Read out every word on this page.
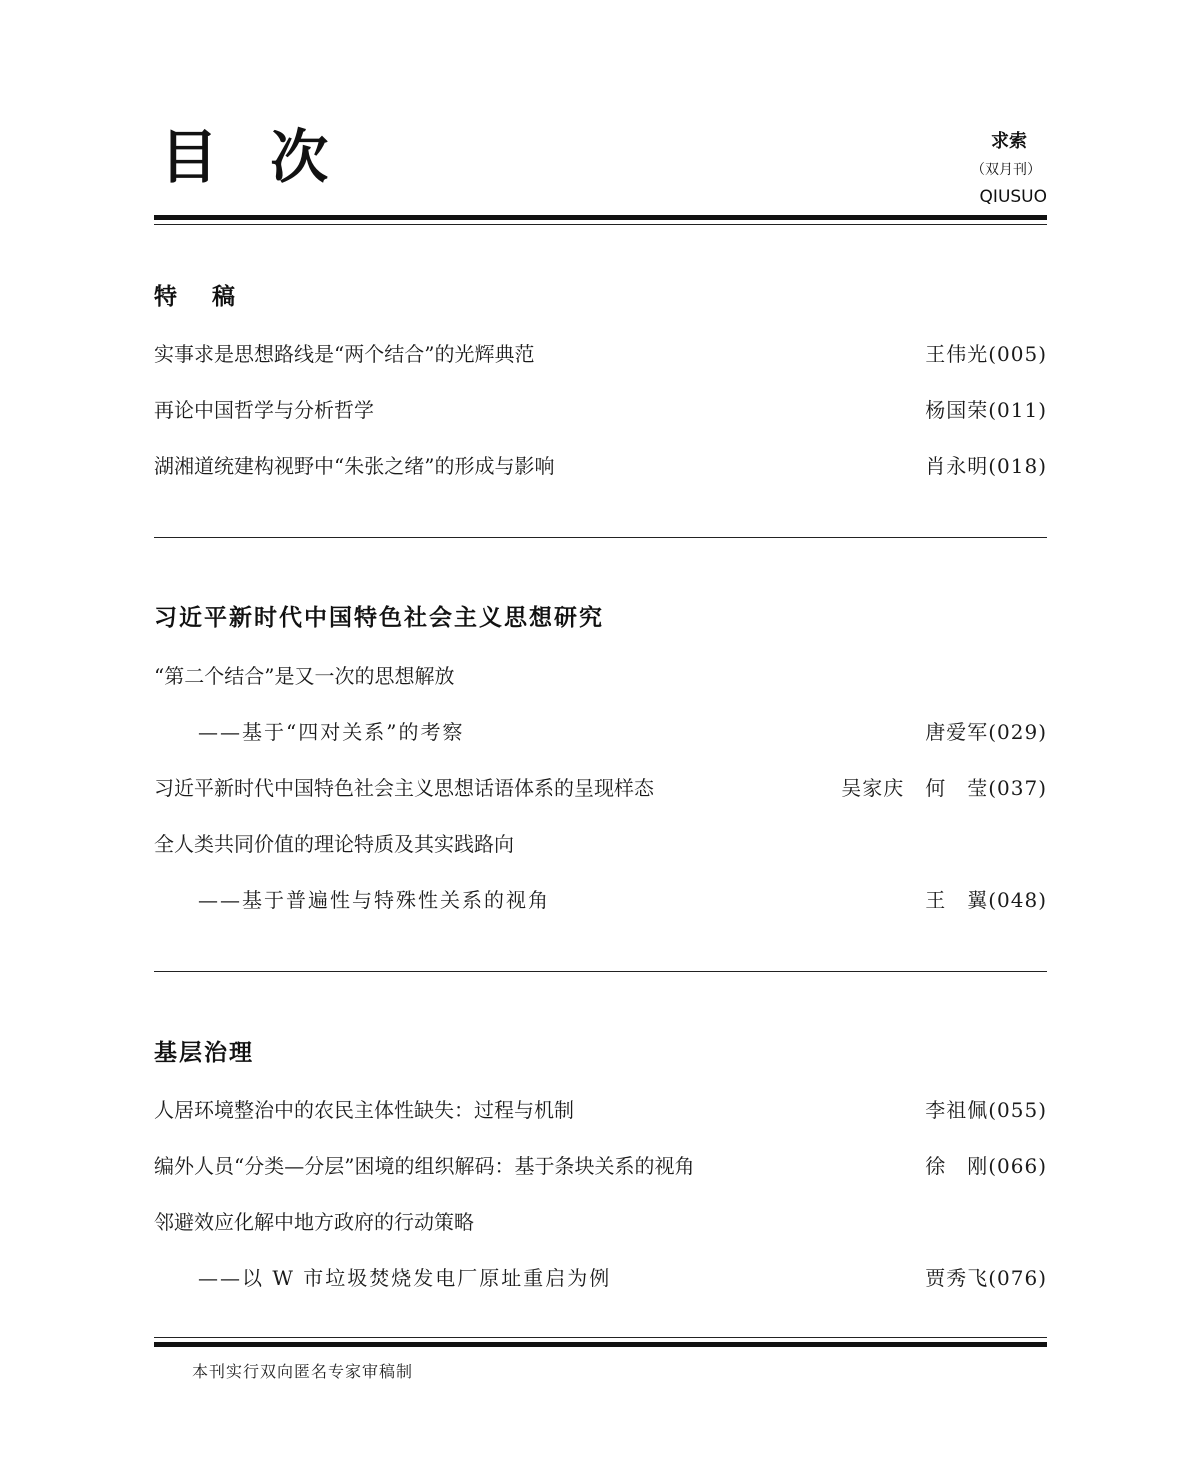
目 次	求索
（双月刊）
QIUSUO
特　稿
实事求是思想路线是“两个结合”的光辉典范	王伟光(005)
再论中国哲学与分析哲学	杨国荣(011)
湖湘道统建构视野中“朱张之绪”的形成与影响	肖永明(018)
习近平新时代中国特色社会主义思想研究
“第二个结合”是又一次的思想解放
——基于“四对关系”的考察	唐爱军(029)
习近平新时代中国特色社会主义思想话语体系的呈现样态	吴家庆　何　莹(037)
全人类共同价值的理论特质及其实践路向
——基于普遍性与特殊性关系的视角	王　翼(048)
基层治理
人居环境整治中的农民主体性缺失：过程与机制	李祖佩(055)
编外人员“分类—分层”困境的组织解码：基于条块关系的视角	徐　刚(066)
邻避效应化解中地方政府的行动策略
——以 W 市垃圾焚烧发电厂原址重启为例	贾秀飞(076)
本刊实行双向匿名专家审稿制
